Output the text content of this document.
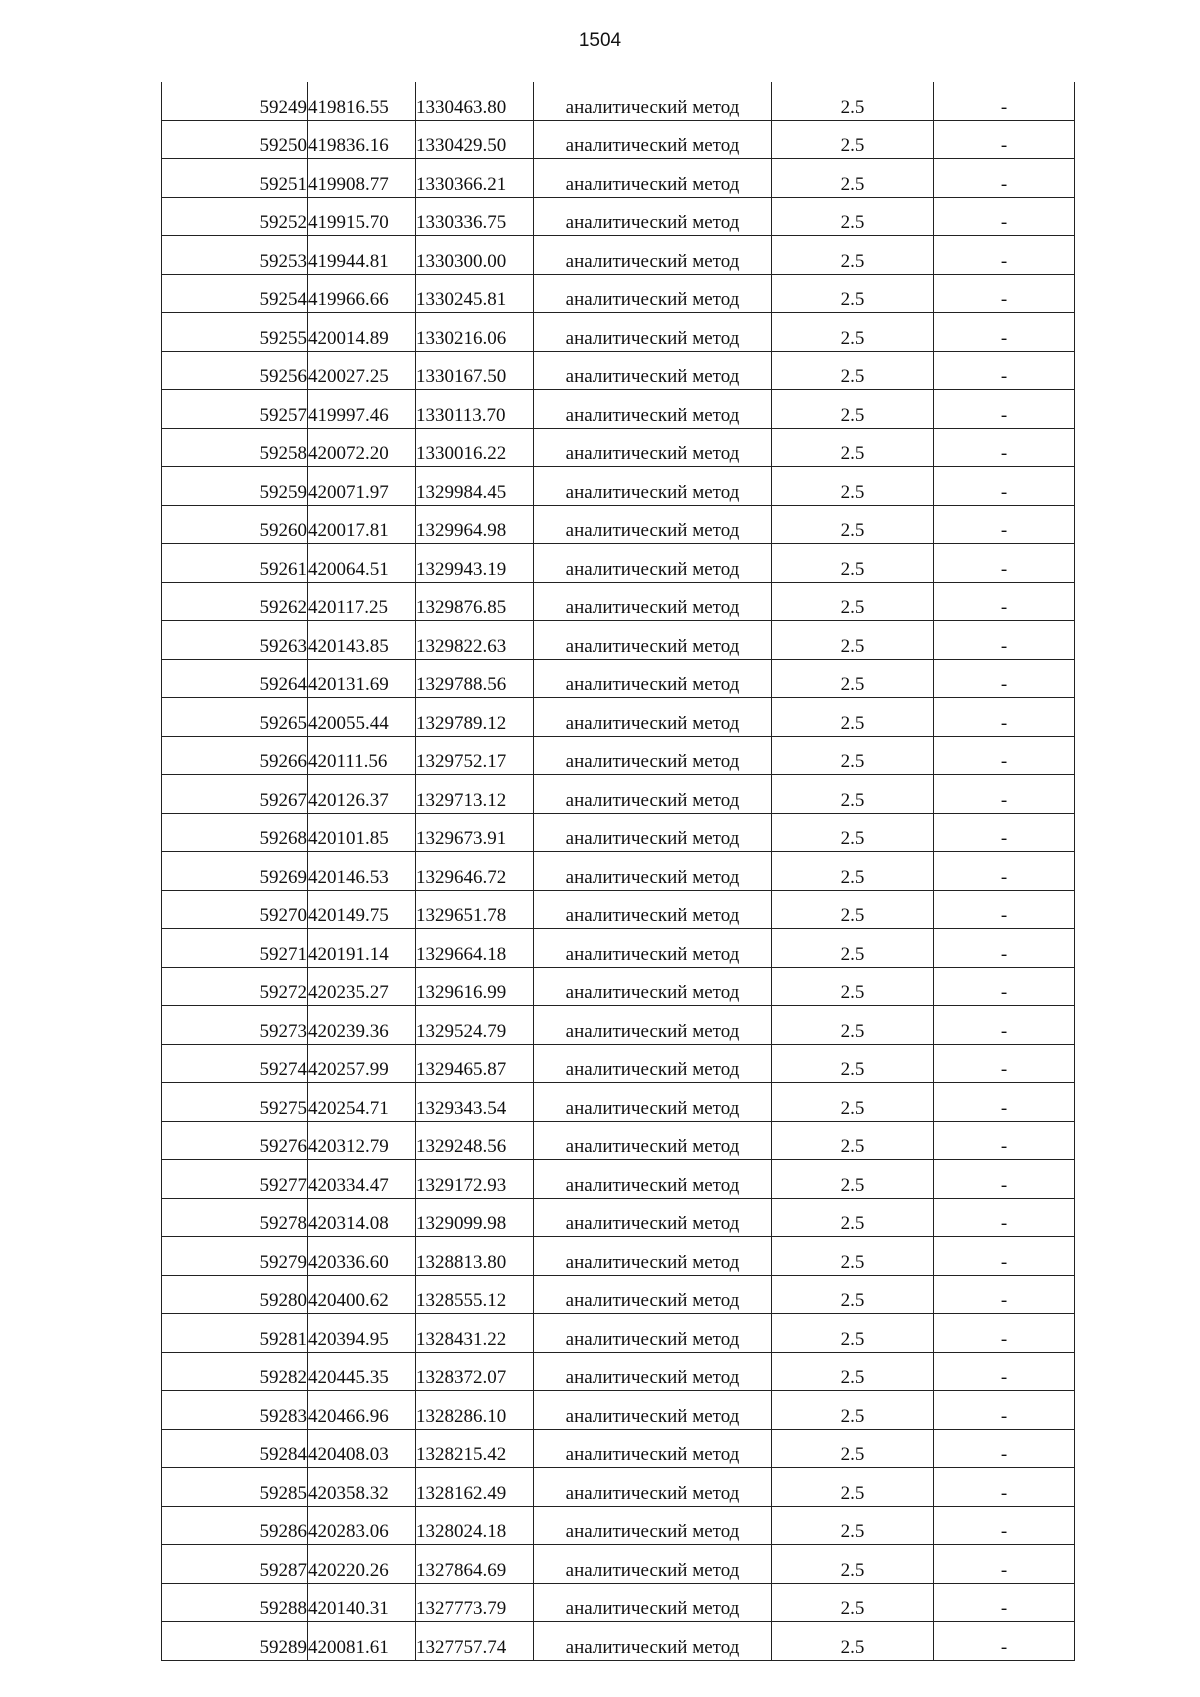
1504
59249	419816.55	1330463.80	аналитический метод	2.5	-
59250	419836.16	1330429.50	аналитический метод	2.5	-
59251	419908.77	1330366.21	аналитический метод	2.5	-
59252	419915.70	1330336.75	аналитический метод	2.5	-
59253	419944.81	1330300.00	аналитический метод	2.5	-
59254	419966.66	1330245.81	аналитический метод	2.5	-
59255	420014.89	1330216.06	аналитический метод	2.5	-
59256	420027.25	1330167.50	аналитический метод	2.5	-
59257	419997.46	1330113.70	аналитический метод	2.5	-
59258	420072.20	1330016.22	аналитический метод	2.5	-
59259	420071.97	1329984.45	аналитический метод	2.5	-
59260	420017.81	1329964.98	аналитический метод	2.5	-
59261	420064.51	1329943.19	аналитический метод	2.5	-
59262	420117.25	1329876.85	аналитический метод	2.5	-
59263	420143.85	1329822.63	аналитический метод	2.5	-
59264	420131.69	1329788.56	аналитический метод	2.5	-
59265	420055.44	1329789.12	аналитический метод	2.5	-
59266	420111.56	1329752.17	аналитический метод	2.5	-
59267	420126.37	1329713.12	аналитический метод	2.5	-
59268	420101.85	1329673.91	аналитический метод	2.5	-
59269	420146.53	1329646.72	аналитический метод	2.5	-
59270	420149.75	1329651.78	аналитический метод	2.5	-
59271	420191.14	1329664.18	аналитический метод	2.5	-
59272	420235.27	1329616.99	аналитический метод	2.5	-
59273	420239.36	1329524.79	аналитический метод	2.5	-
59274	420257.99	1329465.87	аналитический метод	2.5	-
59275	420254.71	1329343.54	аналитический метод	2.5	-
59276	420312.79	1329248.56	аналитический метод	2.5	-
59277	420334.47	1329172.93	аналитический метод	2.5	-
59278	420314.08	1329099.98	аналитический метод	2.5	-
59279	420336.60	1328813.80	аналитический метод	2.5	-
59280	420400.62	1328555.12	аналитический метод	2.5	-
59281	420394.95	1328431.22	аналитический метод	2.5	-
59282	420445.35	1328372.07	аналитический метод	2.5	-
59283	420466.96	1328286.10	аналитический метод	2.5	-
59284	420408.03	1328215.42	аналитический метод	2.5	-
59285	420358.32	1328162.49	аналитический метод	2.5	-
59286	420283.06	1328024.18	аналитический метод	2.5	-
59287	420220.26	1327864.69	аналитический метод	2.5	-
59288	420140.31	1327773.79	аналитический метод	2.5	-
59289	420081.61	1327757.74	аналитический метод	2.5	-
